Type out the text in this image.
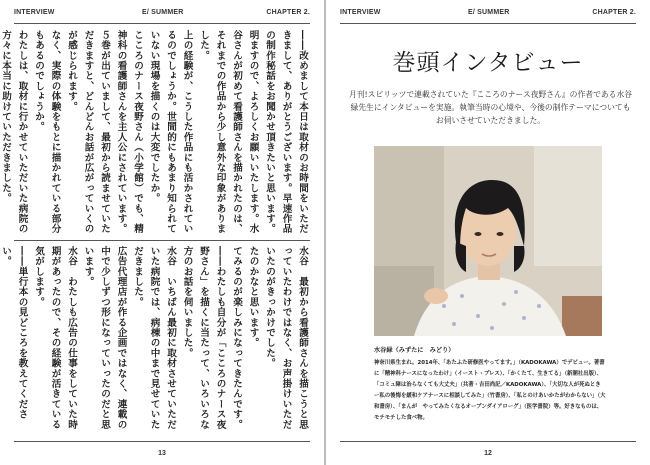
INTERVIEW	E/ SUMMER	CHAPTER 2.

――改めまして本日は取材のお時間をいただきまして、ありがとうございます。早速作品の制作秘話をお聞かせ頂きたいと思います。

明ますので、よろしくお願いいたします。水谷さんが初めて看護師さんを描かれたのは、それまでの作品から少し意外な印象がありました。

上の経験が、こうした作品にも活かされているのでしょうか。世間的にもあまり知られていない現場を描くのは大変でしたか。

こころのナース夜野さん（小学館）でも、精神科の看護師さんを主人公にされています。

５巻が出ていまして、最初から読ませていただきますと、どんどんお話が広がっていくのが感じられます。

なく、実際の体験をもとに描かれている部分もあるのでしょうか。

わたしは、取材に行かせていただいた病院の方々に本当に助けていただきました。

水谷　最初から看護師さんを描こうと思っていたわけではなく、お声掛けいただいたのがきっかけでした。

たのかなと思います。

てみるのが楽しみになってきたんです。

――わたしも自分が「こころのナース夜野さん」を描くに当たって、いろいろな方のお話を伺いました。

水谷　いちばん最初に取材させていただいた病院では、病棟の中まで見せていただきました。

広告代理店が作る企画ではなく、連載の中で少しずつ形になっていったのだと思います。

水谷　わたしも広告の仕事をしていた時期があったので、その経験が活きている気がします。

――単行本の見どころを教えてください。

13
INTERVIEW	E/ SUMMER	CHAPTER 2.
巻頭インタビュー
月刊!スピリッツで連載されていた『こころのナース夜野さん』の作者である水谷緑先生にインタビューを実施。執筆当時の心境や、今後の制作テーマについてもお伺いさせていただきました。
水谷緑（みずたに　みどり）
神奈川県生まれ。2014年、「あたふた研修医やってます。」（KADOKAWA）でデビュー。著書に「精神科ナースになったわけ」（イースト・プレス）、「かくたて、生きてる」（新潮社出版）、「コミュ障は治らなくても大丈夫」（共著・吉田尚記／KADOKAWA）、「大切な人が死ぬときー私の後悔を緩和ケアナースに相談してみた」（竹書房）、「私とのけあいかたがわからない」（大和書房）、「まんが　やってみたくなるオープンダイアローグ」（医学書院）等。好きなものは、モチモチした食べ物。
12
